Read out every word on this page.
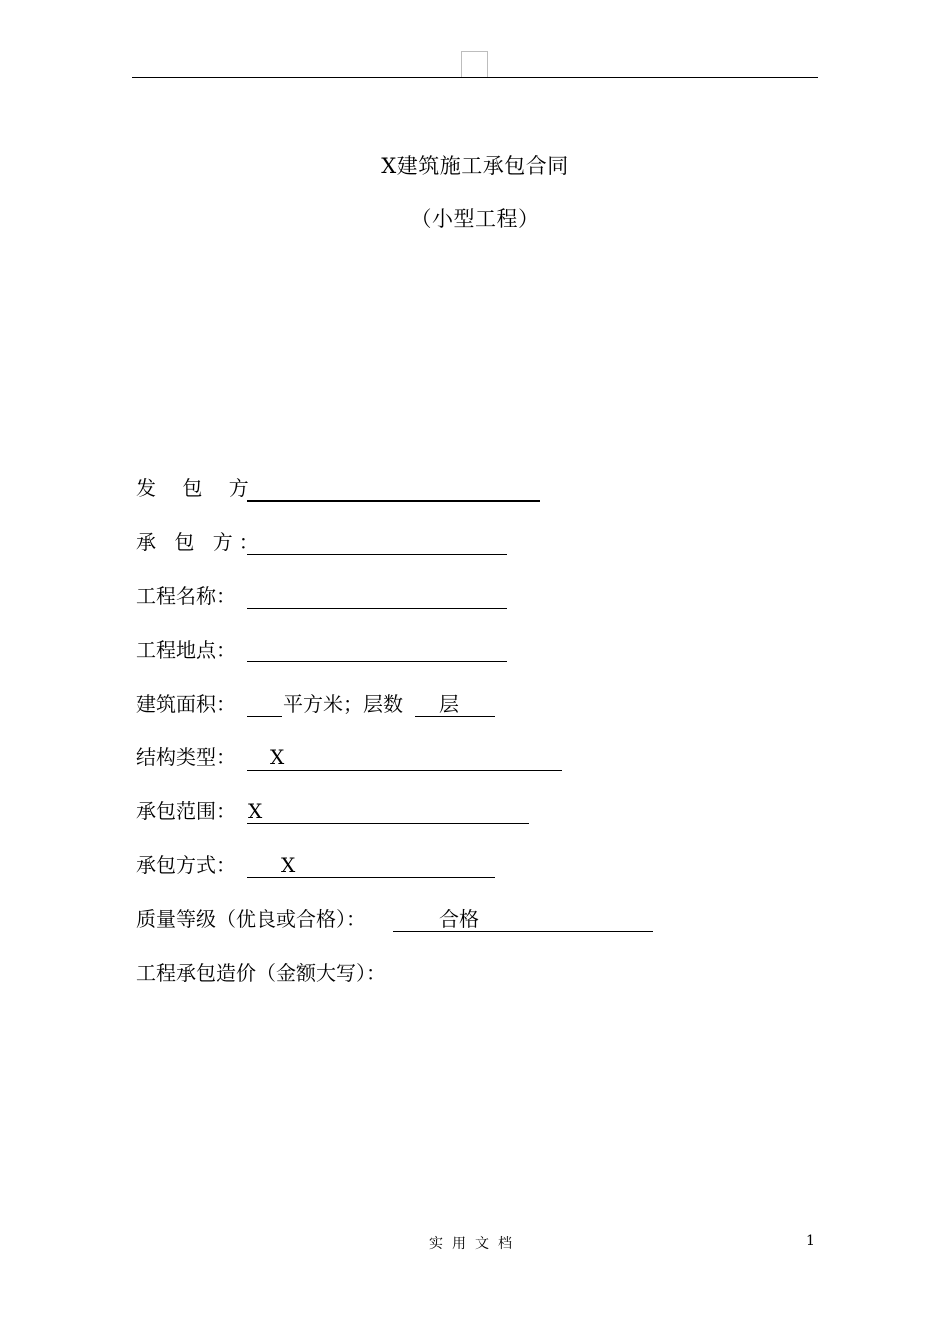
X建筑施工承包合同
（小型工程）
发 包 方
承 包 方：
工程名称：
工程地点：
建筑面积： 平方米；层数 层
结构类型： X
承包范围： X
承包方式： X
质量等级（优良或合格）：	合格
工程承包造价（金额大写）：
实用文档	1
